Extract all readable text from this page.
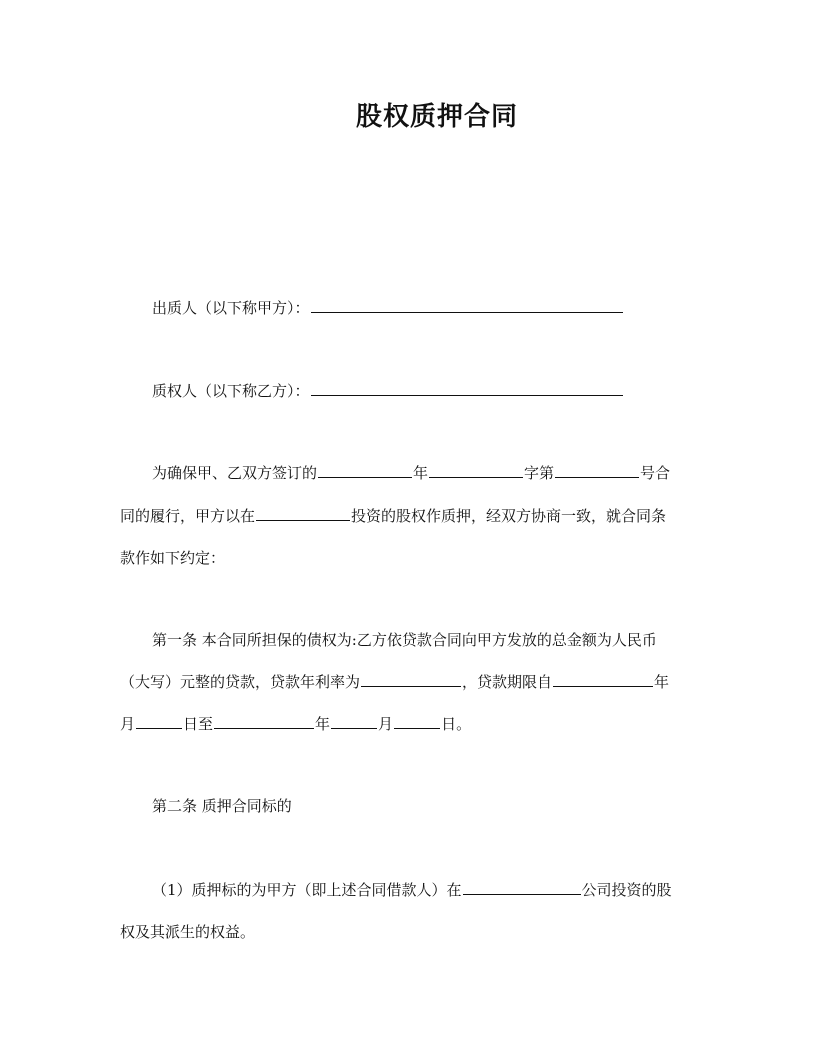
股权质押合同
出质人（以下称甲方）：
质权人（以下称乙方）：
为确保甲、乙双方签订的	年	字第	号合
同的履行，甲方以在	投资的股权作质押，经双方协商一致，就合同条
款作如下约定：
第一条 本合同所担保的债权为:乙方依贷款合同向甲方发放的总金额为人民币
（大写）元整的贷款，贷款年利率为	，贷款期限自	年
月	日至	年	月	日。
第二条 质押合同标的
（1）质押标的为甲方（即上述合同借款人）在	公司投资的股
权及其派生的权益。
